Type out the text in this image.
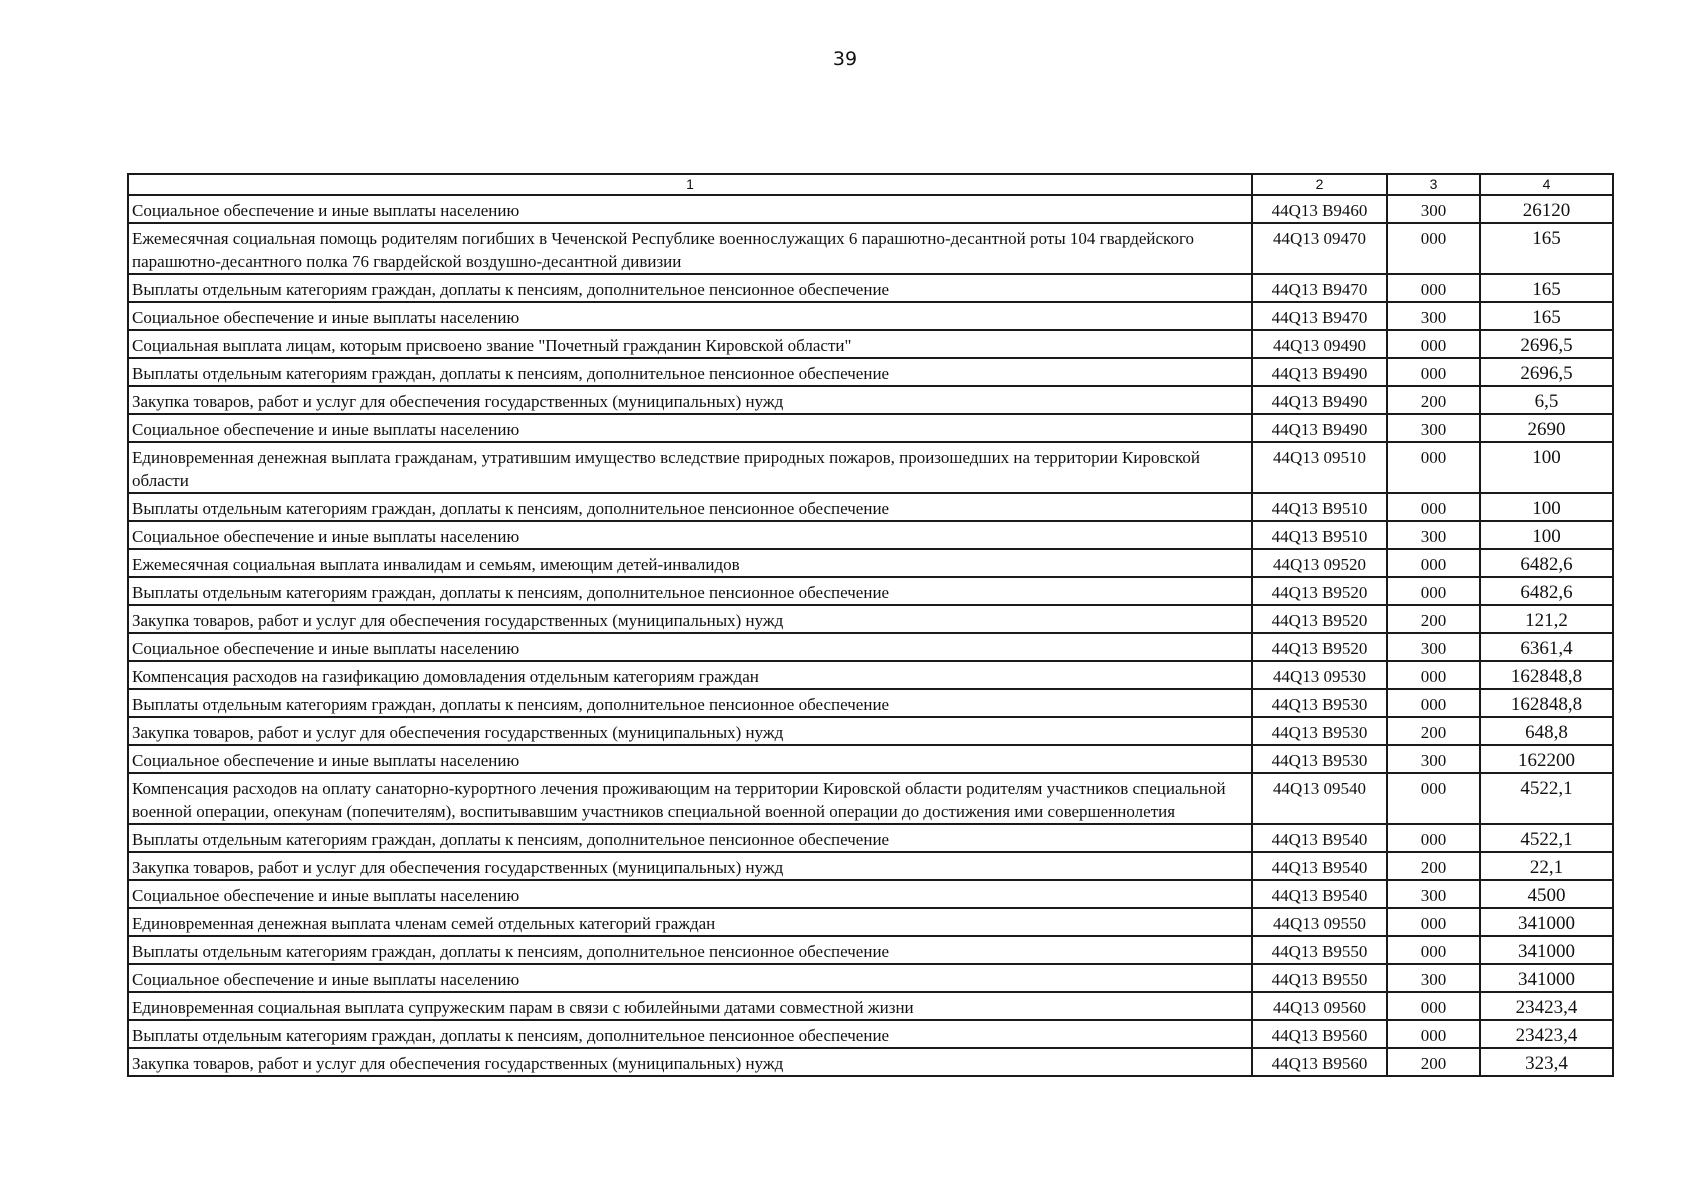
39
1	2	3	4
Социальное обеспечение и иные выплаты населению	44Q13 B9460	300	26120
Ежемесячная социальная помощь родителям погибших в Чеченской Республике военнослужащих 6 парашютно-десантной роты 104 гвардейского парашютно-десантного полка 76 гвардейской воздушно-десантной дивизии	44Q13 09470	000	165
Выплаты отдельным категориям граждан, доплаты к пенсиям, дополнительное пенсионное обеспечение	44Q13 B9470	000	165
Социальное обеспечение и иные выплаты населению	44Q13 B9470	300	165
Социальная выплата лицам, которым присвоено звание "Почетный гражданин Кировской области"	44Q13 09490	000	2696,5
Выплаты отдельным категориям граждан, доплаты к пенсиям, дополнительное пенсионное обеспечение	44Q13 B9490	000	2696,5
Закупка товаров, работ и услуг для обеспечения государственных (муниципальных) нужд	44Q13 B9490	200	6,5
Социальное обеспечение и иные выплаты населению	44Q13 B9490	300	2690
Единовременная денежная выплата гражданам, утратившим имущество вследствие природных пожаров, произошедших на территории Кировской области	44Q13 09510	000	100
Выплаты отдельным категориям граждан, доплаты к пенсиям, дополнительное пенсионное обеспечение	44Q13 B9510	000	100
Социальное обеспечение и иные выплаты населению	44Q13 B9510	300	100
Ежемесячная социальная выплата инвалидам и семьям, имеющим детей-инвалидов	44Q13 09520	000	6482,6
Выплаты отдельным категориям граждан, доплаты к пенсиям, дополнительное пенсионное обеспечение	44Q13 B9520	000	6482,6
Закупка товаров, работ и услуг для обеспечения государственных (муниципальных) нужд	44Q13 B9520	200	121,2
Социальное обеспечение и иные выплаты населению	44Q13 B9520	300	6361,4
Компенсация расходов на газификацию домовладения отдельным категориям граждан	44Q13 09530	000	162848,8
Выплаты отдельным категориям граждан, доплаты к пенсиям, дополнительное пенсионное обеспечение	44Q13 B9530	000	162848,8
Закупка товаров, работ и услуг для обеспечения государственных (муниципальных) нужд	44Q13 B9530	200	648,8
Социальное обеспечение и иные выплаты населению	44Q13 B9530	300	162200
Компенсация расходов на оплату санаторно-курортного лечения проживающим на территории Кировской области родителям участников специальной военной операции, опекунам (попечителям), воспитывавшим участников специальной военной операции до достижения ими совершеннолетия	44Q13 09540	000	4522,1
Выплаты отдельным категориям граждан, доплаты к пенсиям, дополнительное пенсионное обеспечение	44Q13 B9540	000	4522,1
Закупка товаров, работ и услуг для обеспечения государственных (муниципальных) нужд	44Q13 B9540	200	22,1
Социальное обеспечение и иные выплаты населению	44Q13 B9540	300	4500
Единовременная денежная выплата членам семей отдельных категорий граждан	44Q13 09550	000	341000
Выплаты отдельным категориям граждан, доплаты к пенсиям, дополнительное пенсионное обеспечение	44Q13 B9550	000	341000
Социальное обеспечение и иные выплаты населению	44Q13 B9550	300	341000
Единовременная социальная выплата супружеским парам в связи с юбилейными датами совместной жизни	44Q13 09560	000	23423,4
Выплаты отдельным категориям граждан, доплаты к пенсиям, дополнительное пенсионное обеспечение	44Q13 B9560	000	23423,4
Закупка товаров, работ и услуг для обеспечения государственных (муниципальных) нужд	44Q13 B9560	200	323,4
